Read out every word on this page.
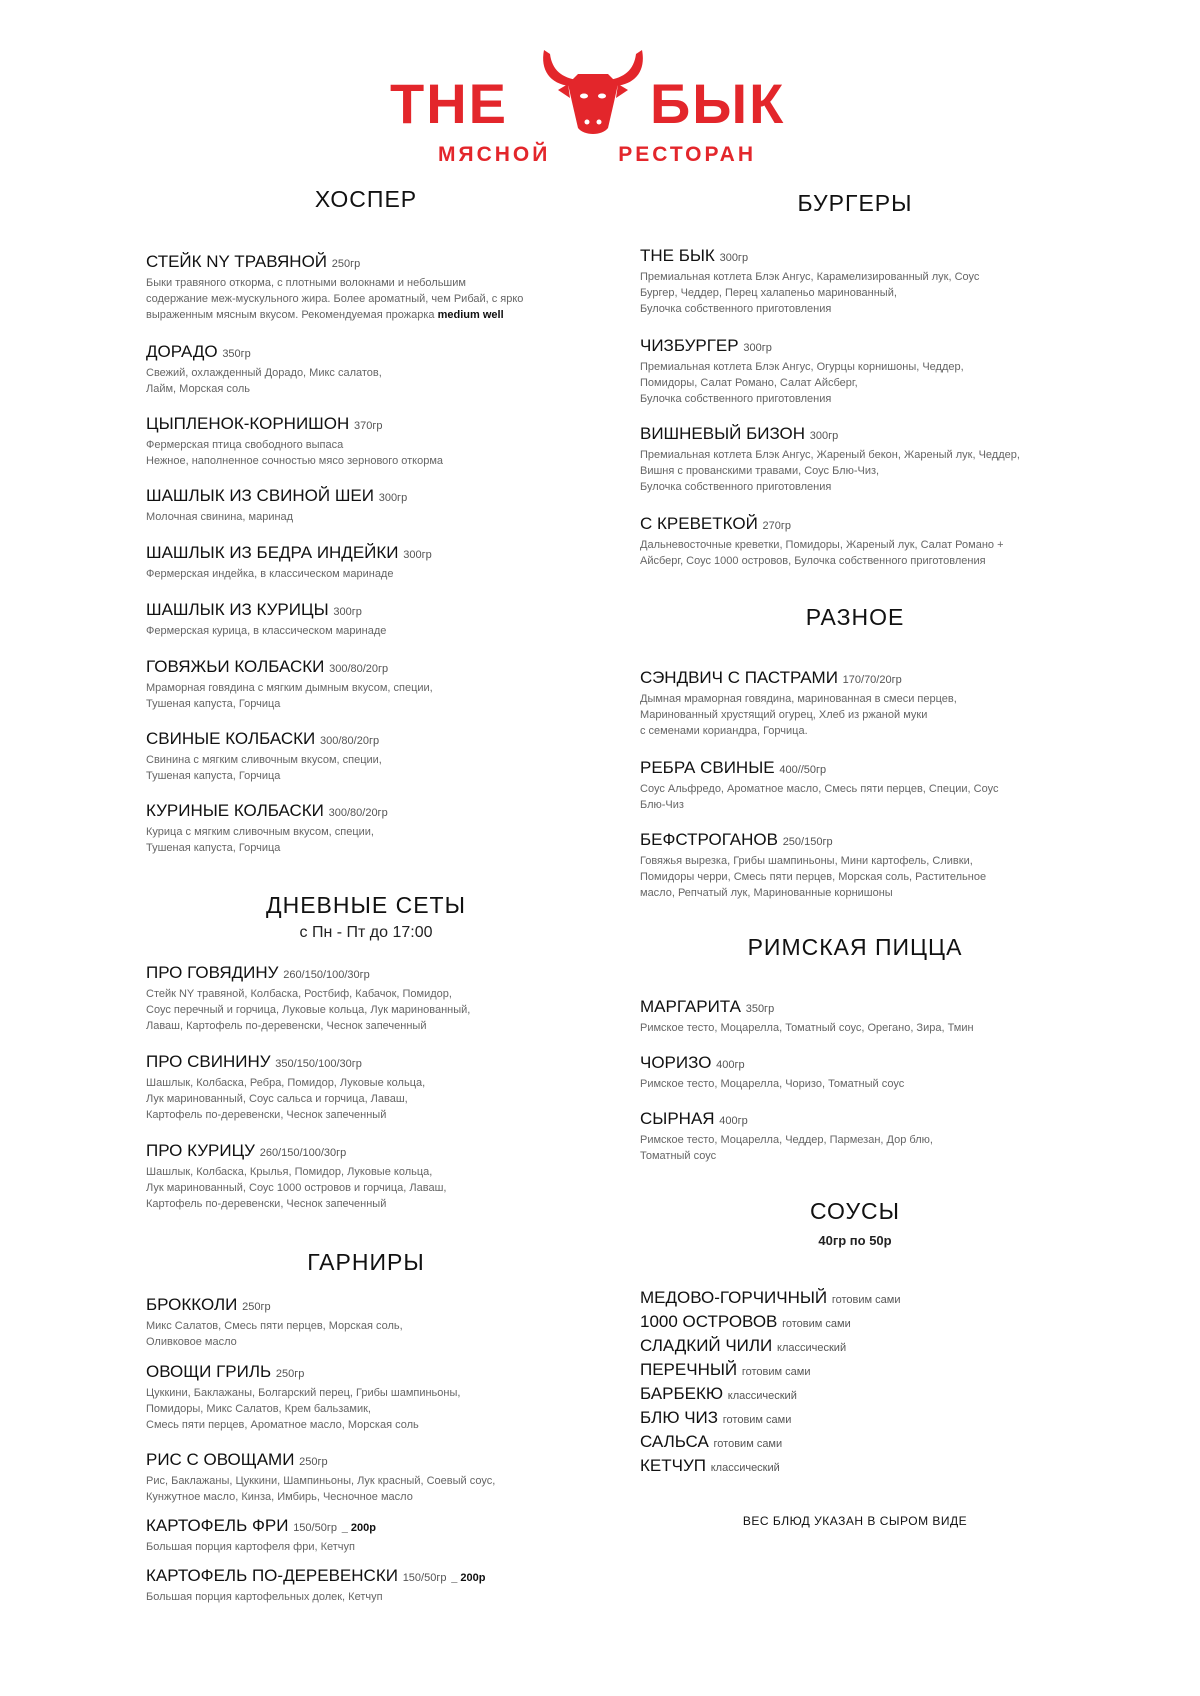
THE	БЫК
МЯСНОЙ	РЕСТОРАН
ХОСПЕР
СТЕЙК NY ТРАВЯНОЙ 250гр
Быки травяного откорма, с плотными волокнами и небольшим
содержание меж-мускульного жира. Более ароматный, чем Рибай, с ярко
выраженным мясным вкусом. Рекомендуемая прожарка medium well
ДОРАДО 350гр
Свежий, охлажденный Дорадо, Микс салатов,
Лайм, Морская соль
ЦЫПЛЕНОК-КОРНИШОН 370гр
Фермерская птица свободного выпаса
Нежное, наполненное сочностью мясо зернового откорма
ШАШЛЫК ИЗ СВИНОЙ ШЕИ 300гр
Молочная свинина, маринад
ШАШЛЫК ИЗ БЕДРА ИНДЕЙКИ 300гр
Фермерская индейка, в классическом маринаде
ШАШЛЫК ИЗ КУРИЦЫ 300гр
Фермерская курица, в классическом маринаде
ГОВЯЖЬИ КОЛБАСКИ 300/80/20гр
Мраморная говядина с мягким дымным вкусом, специи,
Тушеная капуста, Горчица
СВИНЫЕ КОЛБАСКИ 300/80/20гр
Свинина с мягким сливочным вкусом, специи,
Тушеная капуста, Горчица
КУРИНЫЕ КОЛБАСКИ 300/80/20гр
Курица с мягким сливочным вкусом, специи,
Тушеная капуста, Горчица
ДНЕВНЫЕ СЕТЫ
с Пн - Пт до 17:00
ПРО ГОВЯДИНУ 260/150/100/30гр
Стейк NY травяной, Колбаска, Ростбиф, Кабачок, Помидор,
Соус перечный и горчица, Луковые кольца, Лук маринованный,
Лаваш, Картофель по-деревенски, Чеснок запеченный
ПРО СВИНИНУ 350/150/100/30гр
Шашлык, Колбаска, Ребра, Помидор, Луковые кольца,
Лук маринованный, Соус сальса и горчица, Лаваш,
Картофель по-деревенски, Чеснок запеченный
ПРО КУРИЦУ 260/150/100/30гр
Шашлык, Колбаска, Крылья, Помидор, Луковые кольца,
Лук маринованный, Соус 1000 островов и горчица, Лаваш,
Картофель по-деревенски, Чеснок запеченный
ГАРНИРЫ
БРОККОЛИ 250гр
Микс Салатов, Смесь пяти перцев, Морская соль,
Оливковое масло
ОВОЩИ ГРИЛЬ 250гр
Цуккини, Баклажаны, Болгарский перец, Грибы шампиньоны,
Помидоры, Микс Салатов, Крем бальзамик,
Смесь пяти перцев, Ароматное масло, Морская соль
РИС С ОВОЩАМИ 250гр
Рис, Баклажаны, Цуккини, Шампиньоны, Лук красный, Соевый соус,
Кунжутное масло, Кинза, Имбирь, Чесночное масло
КАРТОФЕЛЬ ФРИ 150/50гр _ 200р
Большая порция картофеля фри, Кетчуп
КАРТОФЕЛЬ ПО-ДЕРЕВЕНСКИ 150/50гр _ 200р
Большая порция картофельных долек, Кетчуп
БУРГЕРЫ
THE БЫК 300гр
Премиальная котлета Блэк Ангус, Карамелизированный лук, Соус
Бургер, Чеддер, Перец халапеньо маринованный,
Булочка собственного приготовления
ЧИЗБУРГЕР 300гр
Премиальная котлета Блэк Ангус, Огурцы корнишоны, Чеддер,
Помидоры, Салат Романо, Салат Айсберг,
Булочка собственного приготовления
ВИШНЕВЫЙ БИЗОН 300гр
Премиальная котлета Блэк Ангус, Жареный бекон, Жареный лук, Чеддер,
Вишня с прованскими травами, Соус Блю-Чиз,
Булочка собственного приготовления
С КРЕВЕТКОЙ 270гр
Дальневосточные креветки, Помидоры, Жареный лук, Салат Романо +
Айсберг, Соус 1000 островов, Булочка собственного приготовления
РАЗНОЕ
СЭНДВИЧ С ПАСТРАМИ 170/70/20гр
Дымная мраморная говядина, маринованная в смеси перцев,
Маринованный хрустящий огурец, Хлеб из ржаной муки
с семенами кориандра, Горчица.
РЕБРА СВИНЫЕ 400//50гр
Соус Альфредо, Ароматное масло, Смесь пяти перцев, Специи, Соус
Блю-Чиз
БЕФСТРОГАНОВ 250/150гр
Говяжья вырезка, Грибы шампиньоны, Мини картофель, Сливки,
Помидоры черри, Смесь пяти перцев, Морская соль, Растительное
масло, Репчатый лук, Маринованные корнишоны
РИМСКАЯ ПИЦЦА
МАРГАРИТА 350гр
Римское тесто, Моцарелла, Томатный соус, Орегано, Зира, Тмин
ЧОРИЗО 400гр
Римское тесто, Моцарелла, Чоризо, Томатный соус
СЫРНАЯ 400гр
Римское тесто, Моцарелла, Чеддер, Пармезан, Дор блю,
Томатный соус
СОУСЫ
40гр по 50р
МЕДОВО-ГОРЧИЧНЫЙ готовим сами
1000 ОСТРОВОВ готовим сами
СЛАДКИЙ ЧИЛИ классический
ПЕРЕЧНЫЙ готовим сами
БАРБЕКЮ классический
БЛЮ ЧИЗ готовим сами
САЛЬСА готовим сами
КЕТЧУП классический
ВЕС БЛЮД УКАЗАН В СЫРОМ ВИДЕ
